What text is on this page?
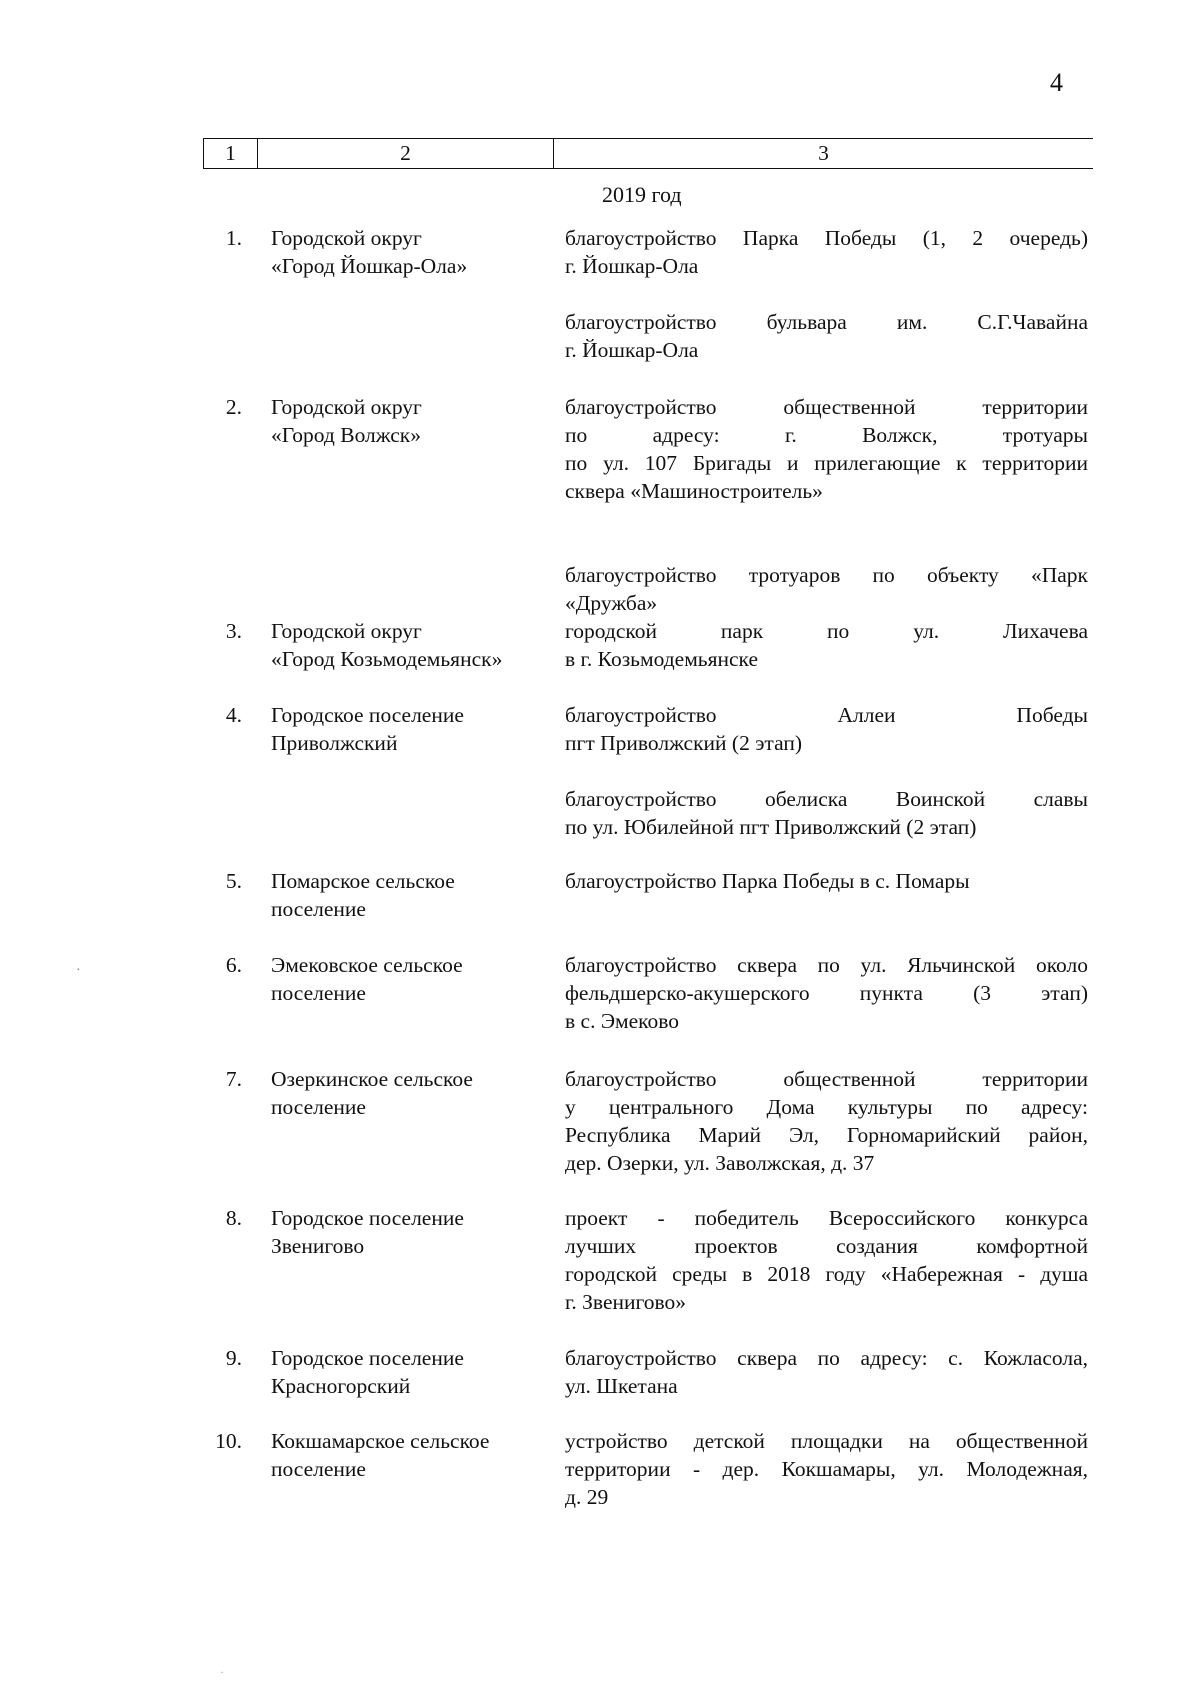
4
1	2	3
2019 год
1. Городской округ
«Город Йошкар-Ола»
благоустройство Парка Победы (1, 2 очередь)
г. Йошкар-Ола
благоустройство бульвара им. С.Г.Чавайна
г. Йошкар-Ола
2. Городской округ
«Город Волжск»
благоустройство общественной территории
по адресу: г. Волжск, тротуары
по ул. 107 Бригады и прилегающие к территории
сквера «Машиностроитель»
благоустройство тротуаров по объекту «Парк
«Дружба»
3. Городской округ
«Город Козьмодемьянск»
городской парк по ул. Лихачева
в г. Козьмодемьянске
4. Городское поселение
Приволжский
благоустройство Аллеи Победы
пгт Приволжский (2 этап)
благоустройство обелиска Воинской славы
по ул. Юбилейной пгт Приволжский (2 этап)
5. Помарское сельское
поселение
благоустройство Парка Победы в с. Помары
6. Эмековское сельское
поселение
благоустройство сквера по ул. Яльчинской около
фельдшерско-акушерского пункта (3 этап)
в с. Эмеково
7. Озеркинское сельское
поселение
благоустройство общественной территории
у центрального Дома культуры по адресу:
Республика Марий Эл, Горномарийский район,
дер. Озерки, ул. Заволжская, д. 37
8. Городское поселение
Звенигово
проект - победитель Всероссийского конкурса
лучших проектов создания комфортной
городской среды в 2018 году «Набережная - душа
г. Звенигово»
9. Городское поселение
Красногорский
благоустройство сквера по адресу: с. Кожласола,
ул. Шкетана
10. Кокшамарское сельское
поселение
устройство детской площадки на общественной
территории - дер. Кокшамары, ул. Молодежная,
д. 29
·
·
